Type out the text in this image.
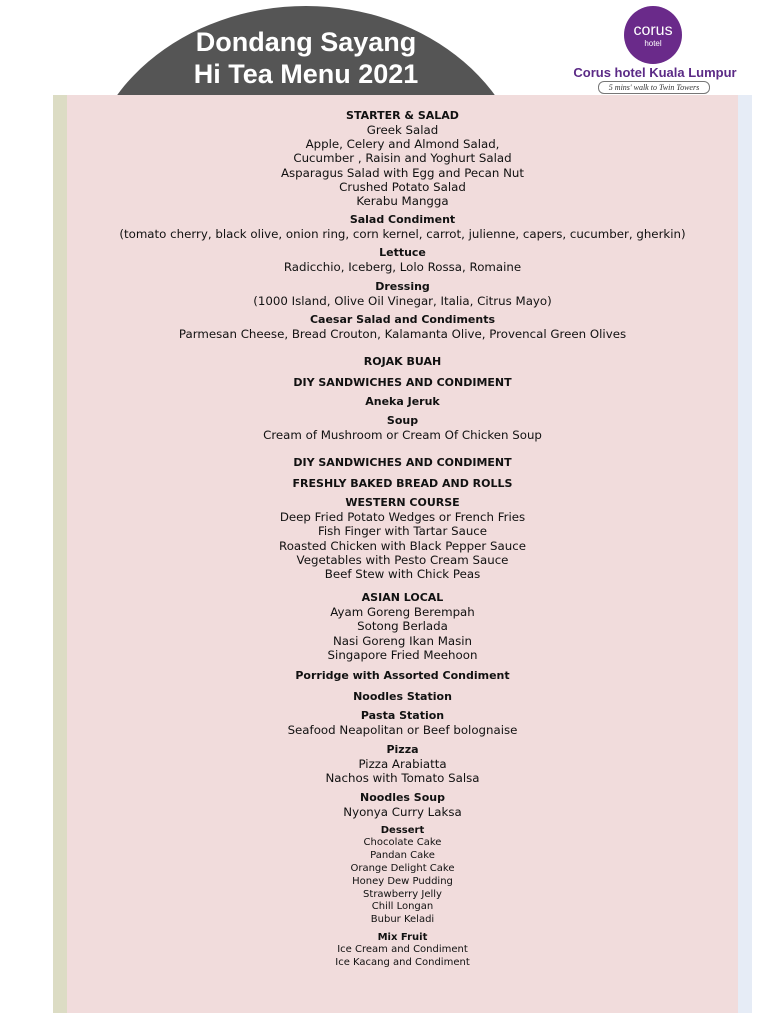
Dondang Sayang
Hi Tea Menu 2021
corus
hotel
Corus hotel Kuala Lumpur
5 mins' walk to Twin Towers
STARTER & SALAD
Greek Salad
Apple, Celery and Almond Salad,
Cucumber , Raisin and Yoghurt Salad
Asparagus Salad with Egg and Pecan Nut
Crushed Potato Salad
Kerabu Mangga
Salad Condiment
(tomato cherry, black olive, onion ring, corn kernel, carrot, julienne, capers, cucumber, gherkin)
Lettuce
Radicchio, Iceberg, Lolo Rossa, Romaine
Dressing
(1000 Island, Olive Oil Vinegar, Italia, Citrus Mayo)
Caesar Salad and Condiments
Parmesan Cheese, Bread Crouton, Kalamanta Olive, Provencal Green Olives
ROJAK BUAH
DIY SANDWICHES AND CONDIMENT
Aneka Jeruk
Soup
Cream of Mushroom or Cream Of Chicken Soup
DIY SANDWICHES AND CONDIMENT
FRESHLY BAKED BREAD AND ROLLS
WESTERN COURSE
Deep Fried Potato Wedges or French Fries
Fish Finger with Tartar Sauce
Roasted Chicken with Black Pepper Sauce
Vegetables with Pesto Cream Sauce
Beef Stew with Chick Peas
ASIAN LOCAL
Ayam Goreng Berempah
Sotong Berlada
Nasi Goreng Ikan Masin
Singapore Fried Meehoon
Porridge with Assorted Condiment
Noodles Station
Pasta Station
Seafood Neapolitan or Beef bolognaise
Pizza
Pizza Arabiatta
Nachos with Tomato Salsa
Noodles Soup
Nyonya Curry Laksa
Dessert
Chocolate Cake
Pandan Cake
Orange Delight Cake
Honey Dew Pudding
Strawberry Jelly
Chill Longan
Bubur Keladi
Mix Fruit
Ice Cream and Condiment
Ice Kacang and Condiment
